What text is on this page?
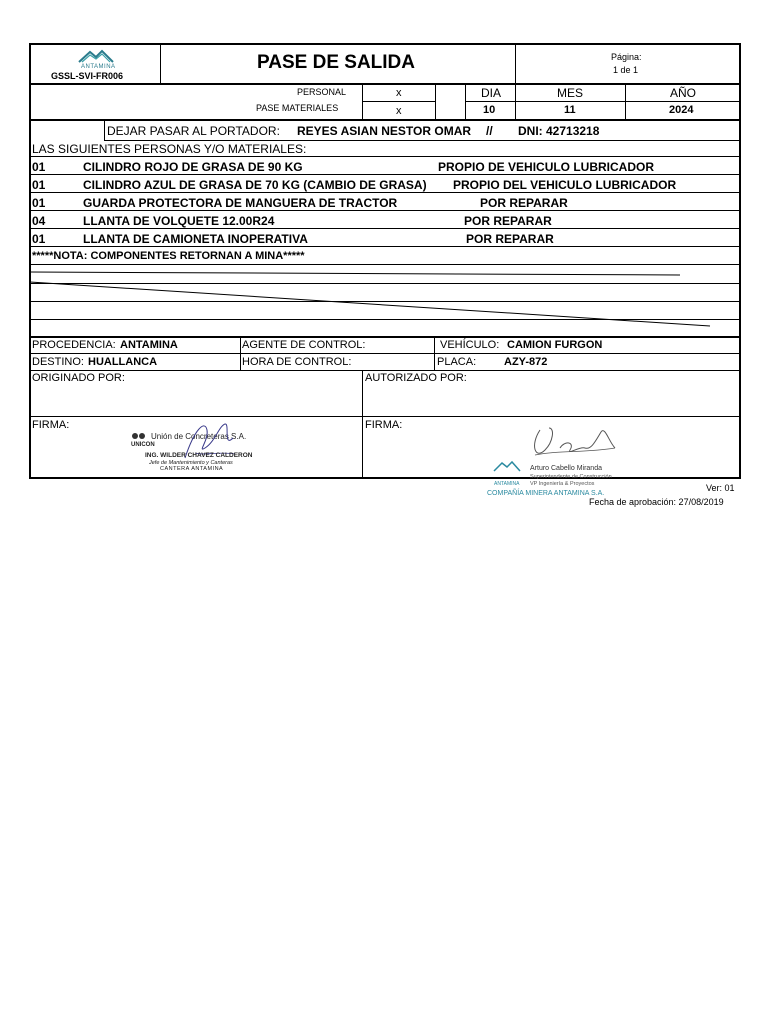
ANTAMINA
GSSL-SVI-FR006
PASE DE SALIDA	Página:
1 de 1
PERSONAL	x
PASE MATERIALES	x
DIA	MES	AÑO
10	11	2024
DEJAR PASAR AL PORTADOR: REYES ASIAN NESTOR OMAR // DNI: 42713218
LAS SIGUIENTES PERSONAS Y/O MATERIALES:
01	CILINDRO ROJO DE GRASA DE 90 KG	PROPIO DE VEHICULO LUBRICADOR
01	CILINDRO AZUL DE GRASA DE 70 KG (CAMBIO DE GRASA) PROPIO DEL VEHICULO LUBRICADOR
01	GUARDA PROTECTORA DE MANGUERA DE TRACTOR	POR REPARAR
04	LLANTA DE VOLQUETE 12.00R24	POR REPARAR
01	LLANTA DE CAMIONETA INOPERATIVA	POR REPARAR
*****NOTA: COMPONENTES RETORNAN A MINA*****
PROCEDENCIA: ANTAMINA	AGENTE DE CONTROL:	VEHÍCULO: CAMION FURGON
DESTINO: HUALLANCA	HORA DE CONTROL:	PLACA:	AZY-872
ORIGINADO POR:	AUTORIZADO POR:
FIRMA:	FIRMA:
Unión de Concreteras S.A.
UNICON
ING. WILDER CHAVEZ CALDERON
Jefe de Mantenimiento y Canteras
CANTERA ANTAMINA	Arturo Cabello Miranda
Superintendente de Construcción
VP Ingeniería & Proyectos
ANTAMINA
COMPAÑÍA MINERA ANTAMINA S.A.
Ver: 01
Fecha de aprobación: 27/08/2019
